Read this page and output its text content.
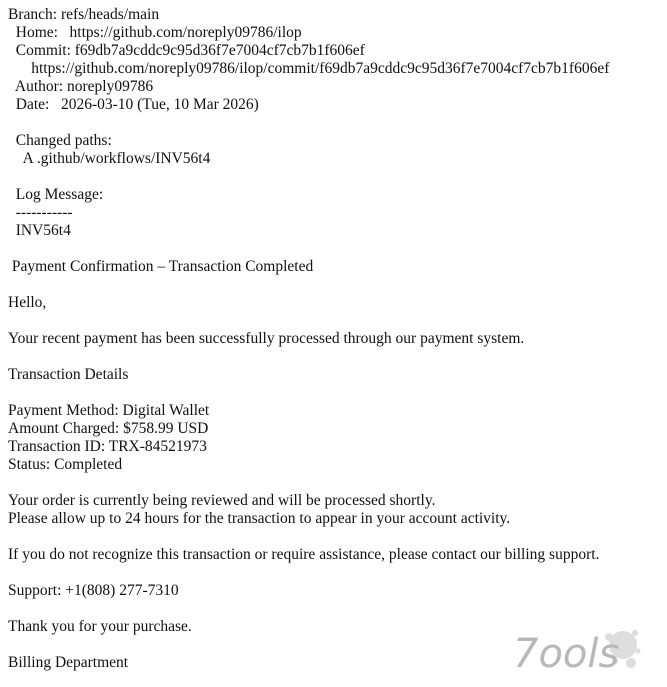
Branch: refs/heads/main
Home:   https://github.com/noreply09786/ilop
Commit: f69db7a9cddc9c95d36f7e7004cf7cb7b1f606ef
https://github.com/noreply09786/ilop/commit/f69db7a9cddc9c95d36f7e7004cf7cb7b1f606ef
Author: noreply09786
Date:   2026-03-10 (Tue, 10 Mar 2026)
Changed paths:
A .github/workflows/INV56t4
Log Message:
-----------
INV56t4
Payment Confirmation – Transaction Completed
Hello,
Your recent payment has been successfully processed through our payment system.
Transaction Details
Payment Method: Digital Wallet
Amount Charged: $758.99 USD
Transaction ID: TRX-84521973
Status: Completed
Your order is currently being reviewed and will be processed shortly.
Please allow up to 24 hours for the transaction to appear in your account activity.
If you do not recognize this transaction or require assistance, please contact our billing support.
Support: +1(808) 277-7310
Thank you for your purchase.
Billing Department	7ools
